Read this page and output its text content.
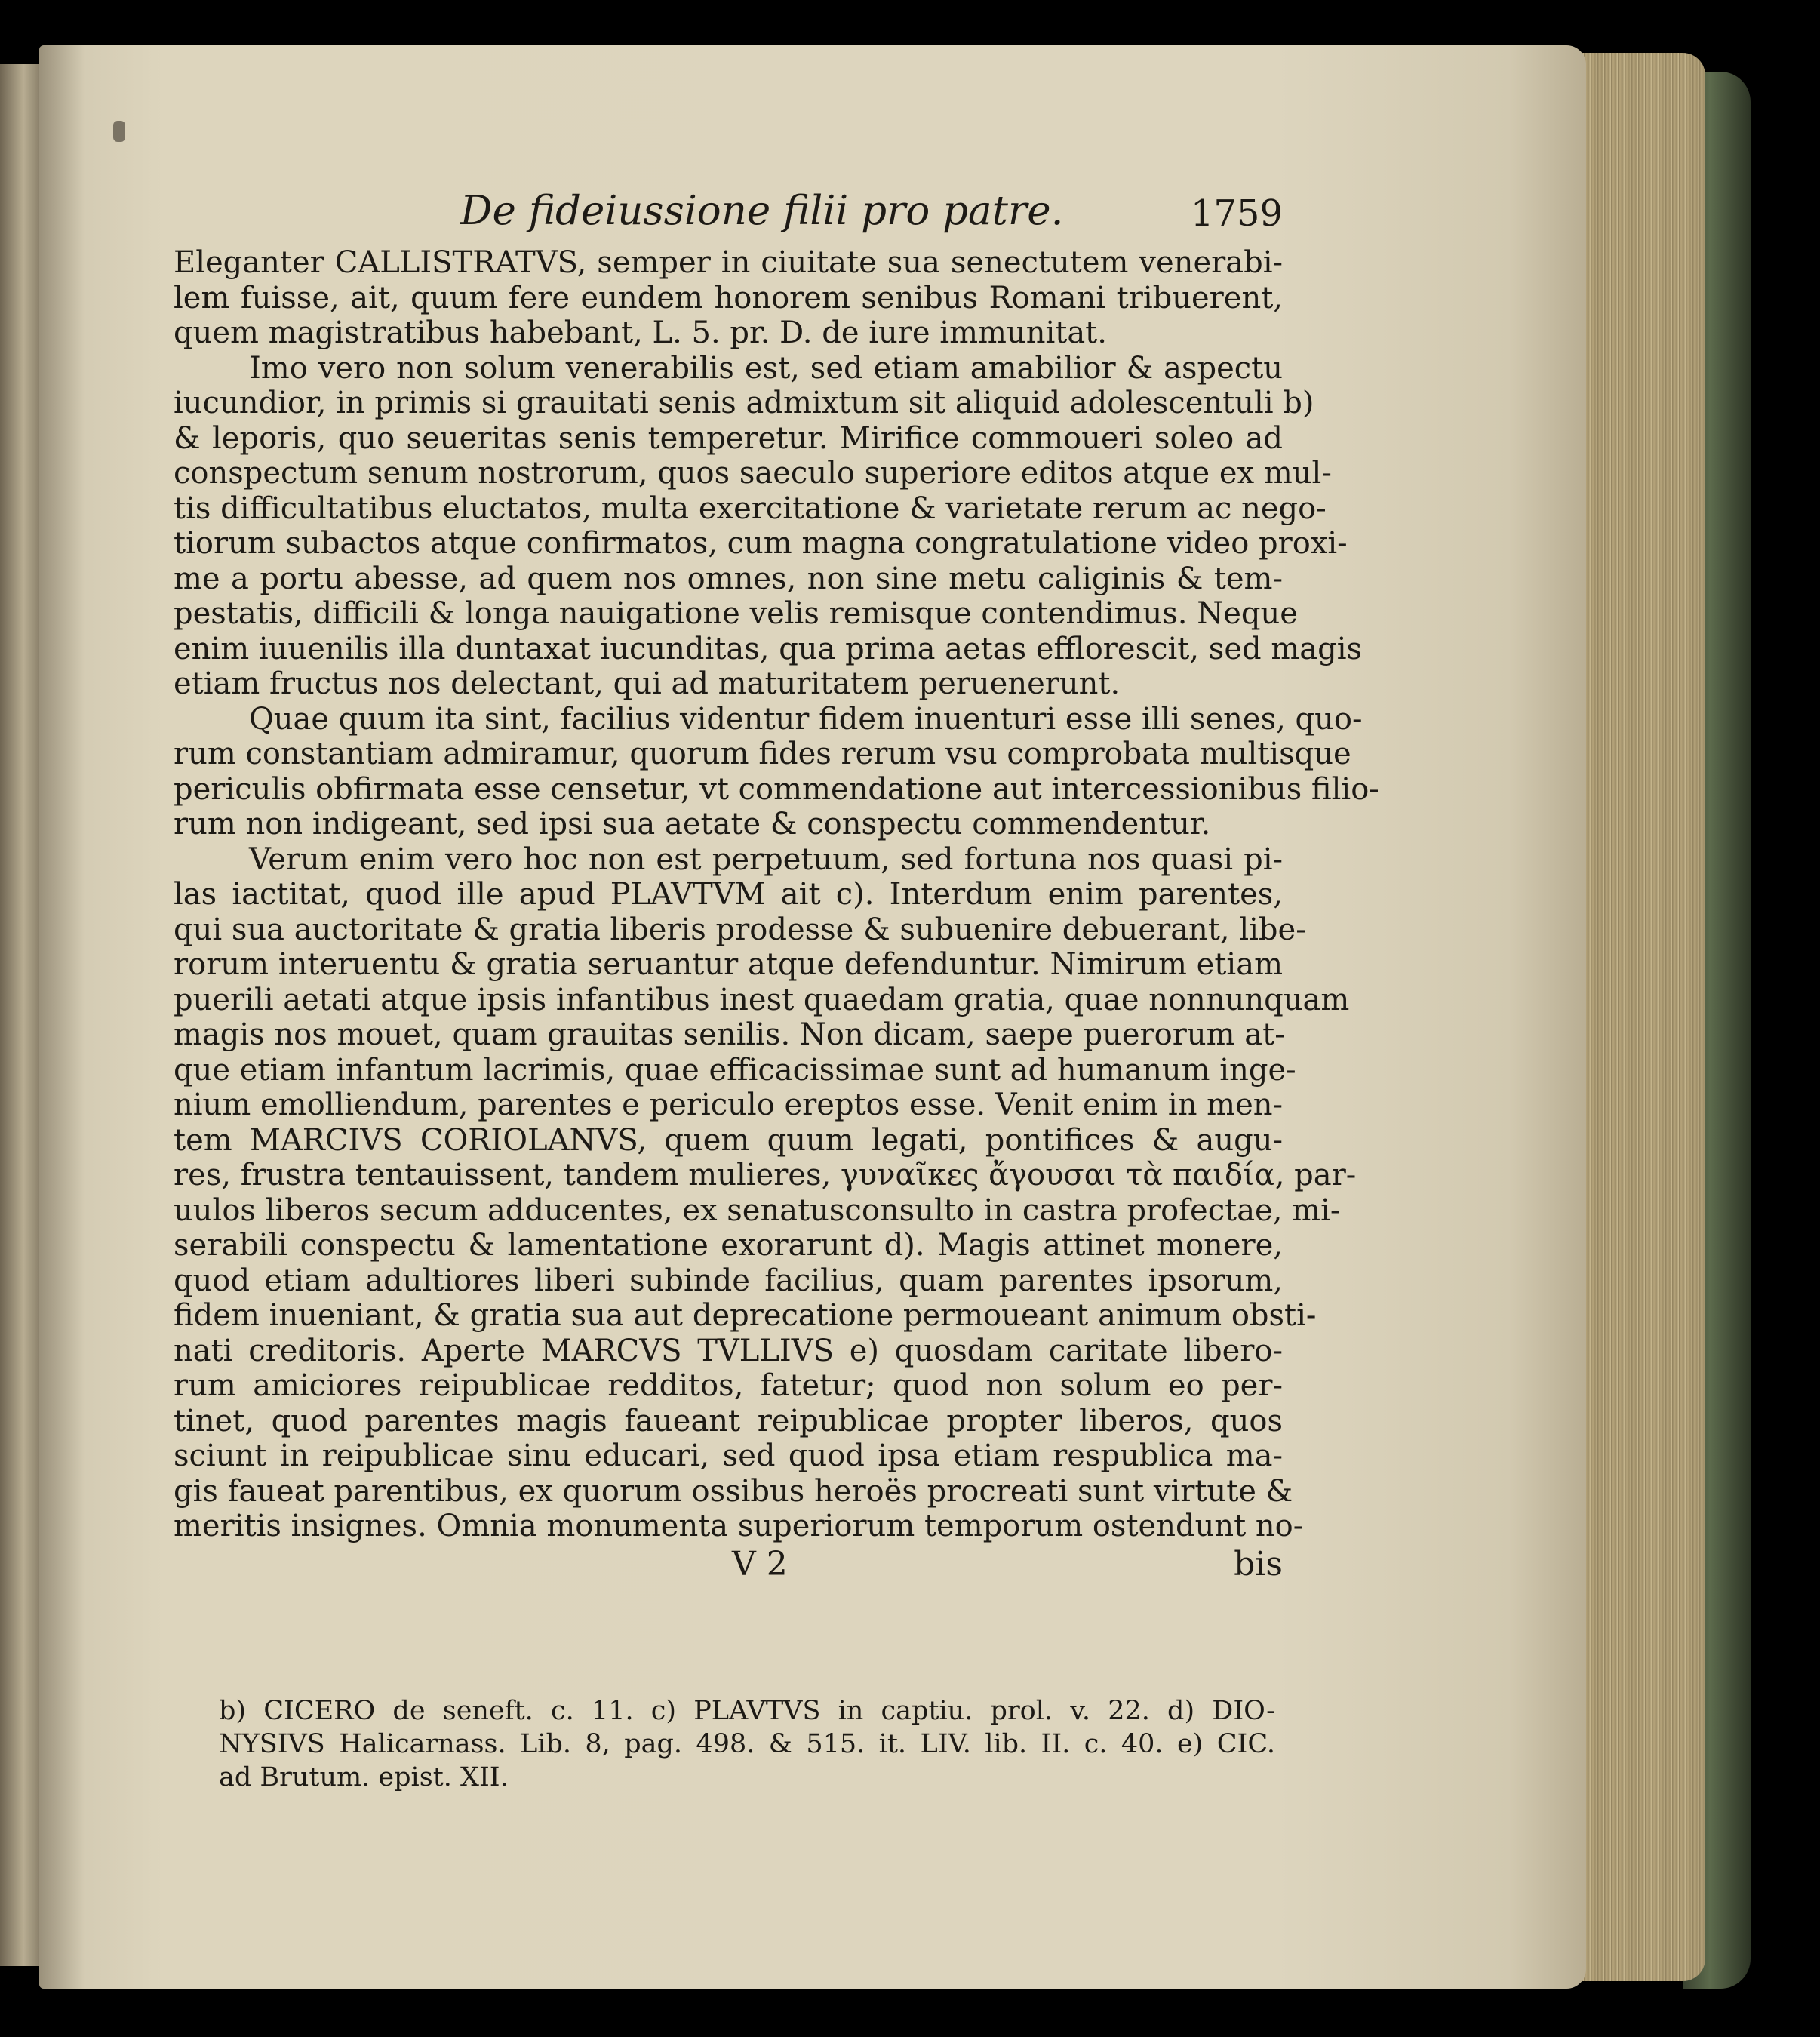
De fideiussione filii pro patre.	1759
Eleganter CALLISTRATVS, semper in ciuitate sua senectutem venerabi-
lem fuisse, ait, quum fere eundem honorem senibus Romani tribuerent,
quem magistratibus habebant, L. 5. pr. D. de iure immunitat.
Imo vero non solum venerabilis est, sed etiam amabilior & aspectu
iucundior, in primis si grauitati senis admixtum sit aliquid adolescentuli b)
& leporis, quo seueritas senis temperetur. Mirifice commoueri soleo ad
conspectum senum nostrorum, quos saeculo superiore editos atque ex mul-
tis difficultatibus eluctatos, multa exercitatione & varietate rerum ac nego-
tiorum subactos atque confirmatos, cum magna congratulatione video proxi-
me a portu abesse, ad quem nos omnes, non sine metu caliginis & tem-
pestatis, difficili & longa nauigatione velis remisque contendimus. Neque
enim iuuenilis illa duntaxat iucunditas, qua prima aetas efflorescit, sed magis
etiam fructus nos delectant, qui ad maturitatem peruenerunt.
Quae quum ita sint, facilius videntur fidem inuenturi esse illi senes, quo-
rum constantiam admiramur, quorum fides rerum vsu comprobata multisque
periculis obfirmata esse censetur, vt commendatione aut intercessionibus filio-
rum non indigeant, sed ipsi sua aetate & conspectu commendentur.
Verum enim vero hoc non est perpetuum, sed fortuna nos quasi pi-
las iactitat, quod ille apud PLAVTVM ait c). Interdum enim parentes,
qui sua auctoritate & gratia liberis prodesse & subuenire debuerant, libe-
rorum interuentu & gratia seruantur atque defenduntur. Nimirum etiam
puerili aetati atque ipsis infantibus inest quaedam gratia, quae nonnunquam
magis nos mouet, quam grauitas senilis. Non dicam, saepe puerorum at-
que etiam infantum lacrimis, quae efficacissimae sunt ad humanum inge-
nium emolliendum, parentes e periculo ereptos esse. Venit enim in men-
tem MARCIVS CORIOLANVS, quem quum legati, pontifices & augu-
res, frustra tentauissent, tandem mulieres, γυναῖκες ἄγουσαι τὰ παιδία, par-
uulos liberos secum adducentes, ex senatusconsulto in castra profectae, mi-
serabili conspectu & lamentatione exorarunt d). Magis attinet monere,
quod etiam adultiores liberi subinde facilius, quam parentes ipsorum,
fidem inueniant, & gratia sua aut deprecatione permoueant animum obsti-
nati creditoris. Aperte MARCVS TVLLIVS e) quosdam caritate libero-
rum amiciores reipublicae redditos, fatetur; quod non solum eo per-
tinet, quod parentes magis faueant reipublicae propter liberos, quos
sciunt in reipublicae sinu educari, sed quod ipsa etiam respublica ma-
gis faueat parentibus, ex quorum ossibus heroës procreati sunt virtute &
meritis insignes. Omnia monumenta superiorum temporum ostendunt no-
V 2	bis
b) CICERO de seneft. c. 11. c) PLAVTVS in captiu. prol. v. 22. d) DIO-
NYSIVS Halicarnass. Lib. 8, pag. 498. & 515. it. LIV. lib. II. c. 40. e) CIC.
ad Brutum. epist. XII.
